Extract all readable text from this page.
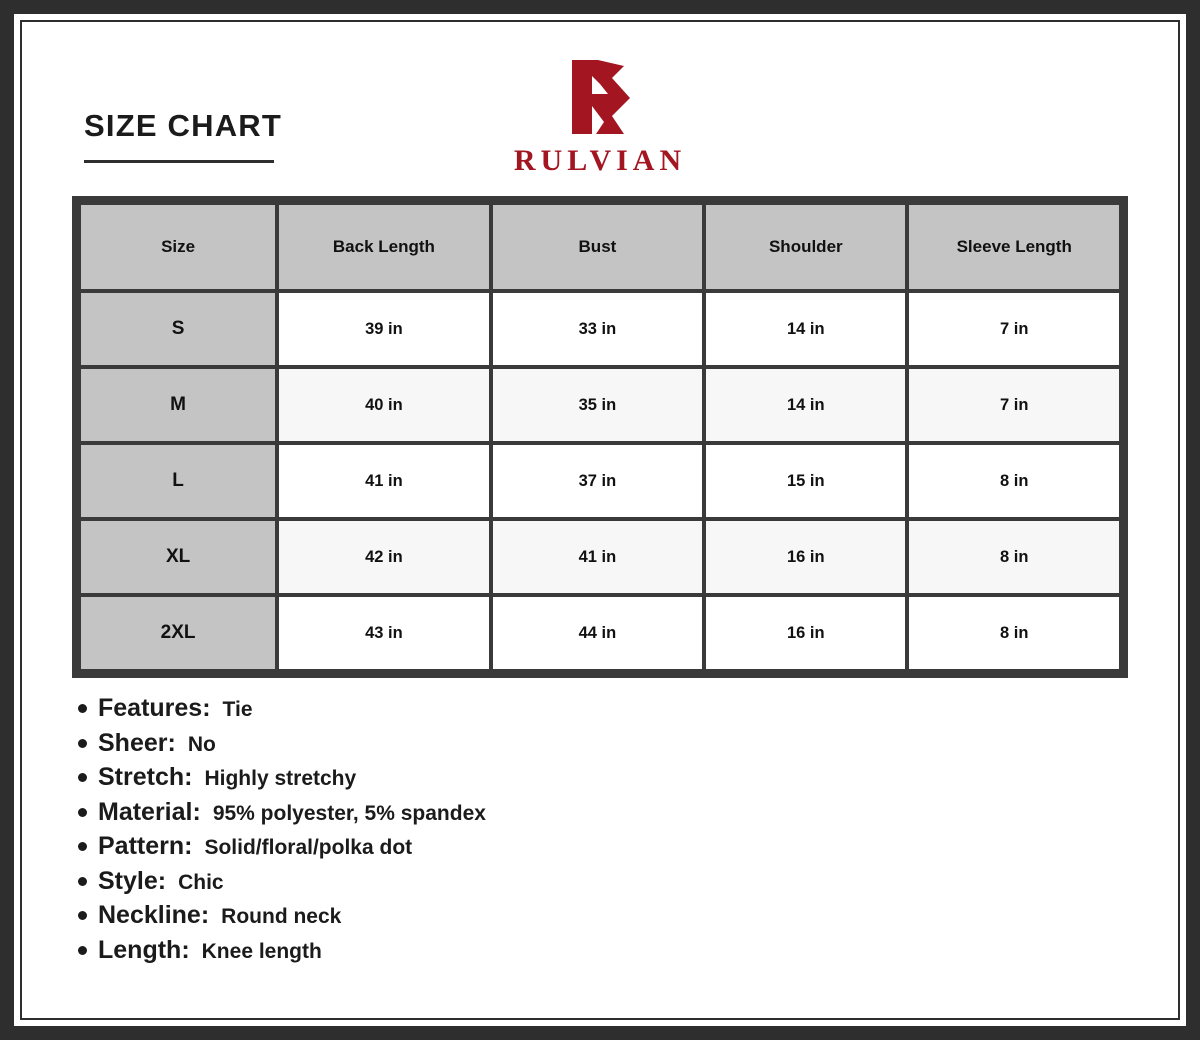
SIZE CHART
RULVIAN
Size	Back Length	Bust	Shoulder	Sleeve Length
S	39 in	33 in	14 in	7 in
M	40 in	35 in	14 in	7 in
L	41 in	37 in	15 in	8 in
XL	42 in	41 in	16 in	8 in
2XL	43 in	44 in	16 in	8 in
Features: Tie
Sheer: No
Stretch: Highly stretchy
Material: 95% polyester, 5% spandex
Pattern: Solid/floral/polka dot
Style: Chic
Neckline: Round neck
Length: Knee length
